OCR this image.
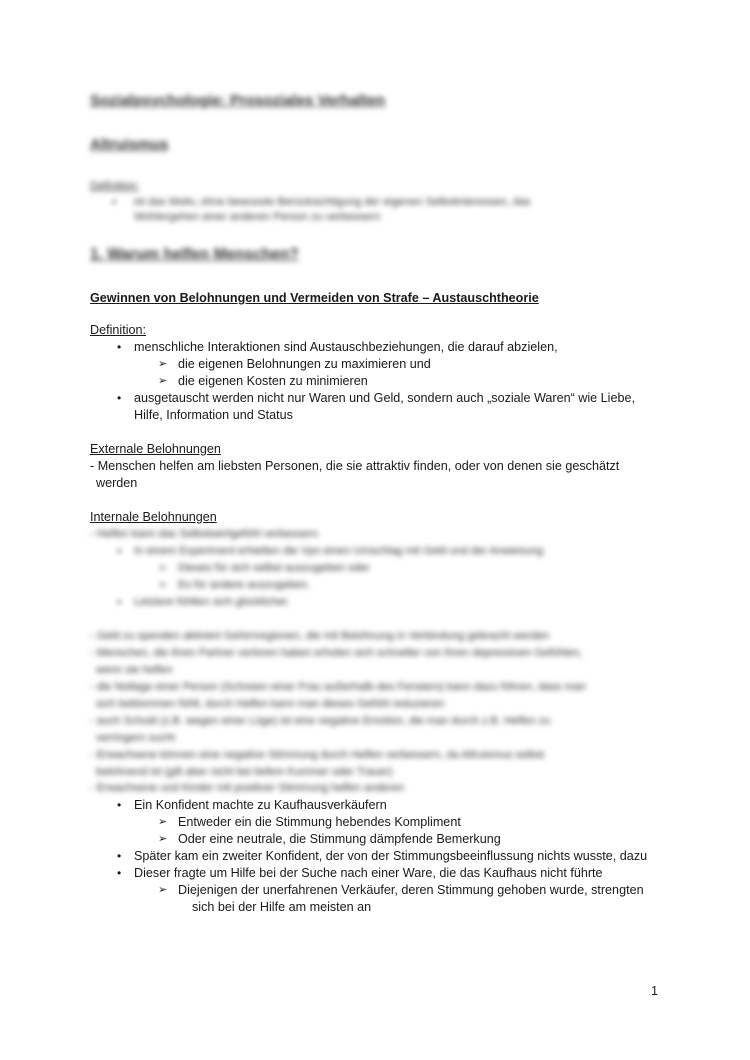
Sozialpsychologie: Prosoziales Verhalten
Altruismus
Definition:
• ist das Motiv, ohne bewusste Berücksichtigung der eigenen Selbstinteressen, das
Wohlergehen einer anderen Person zu verbessern
1. Warum helfen Menschen?
Gewinnen von Belohnungen und Vermeiden von Strafe – Austauschtheorie
Definition:
• menschliche Interaktionen sind Austauschbeziehungen, die darauf abzielen,
➢ die eigenen Belohnungen zu maximieren und
➢ die eigenen Kosten zu minimieren
• ausgetauscht werden nicht nur Waren und Geld, sondern auch „soziale Waren“ wie Liebe,
Hilfe, Information und Status
Externale Belohnungen
- Menschen helfen am liebsten Personen, die sie attraktiv finden, oder von denen sie geschätzt
werden
Internale Belohnungen
- Helfen kann das Selbstwertgefühl verbessern
• In einem Experiment erhielten die Vpn einen Umschlag mit Geld und der Anweisung
➢ Dieses für sich selbst auszugeben oder
➢ Es für andere auszugeben.
• Letztere fühlten sich glücklicher.
- Geld zu spenden aktiviert Gehirnregionen, die mit Belohnung in Verbindung gebracht werden
- Menschen, die ihren Partner verloren haben erholen sich schneller von ihren depressiven Gefühlen,
wenn sie helfen
- die Notlage einer Person (Schreien einer Frau außerhalb des Fensters) kann dazu führen, dass man
sich beklommen fühlt, durch Helfen kann man dieses Gefühl reduzieren
- auch Schuld (z.B. wegen einer Lüge) ist eine negative Emotion, die man durch z.B. Helfen zu
verringern sucht
- Erwachsene können eine negative Stimmung durch Helfen verbessern, da Altruismus selbst
belohnend ist (gilt aber nicht bei tiefem Kummer oder Trauer)
- Erwachsene und Kinder mit positiver Stimmung helfen anderen
• Ein Konfident machte zu Kaufhausverkäufern
➢ Entweder ein die Stimmung hebendes Kompliment
➢ Oder eine neutrale, die Stimmung dämpfende Bemerkung
• Später kam ein zweiter Konfident, der von der Stimmungsbeeinflussung nichts wusste, dazu
• Dieser fragte um Hilfe bei der Suche nach einer Ware, die das Kaufhaus nicht führte
➢ Diejenigen der unerfahrenen Verkäufer, deren Stimmung gehoben wurde, strengten
sich bei der Hilfe am meisten an
1
